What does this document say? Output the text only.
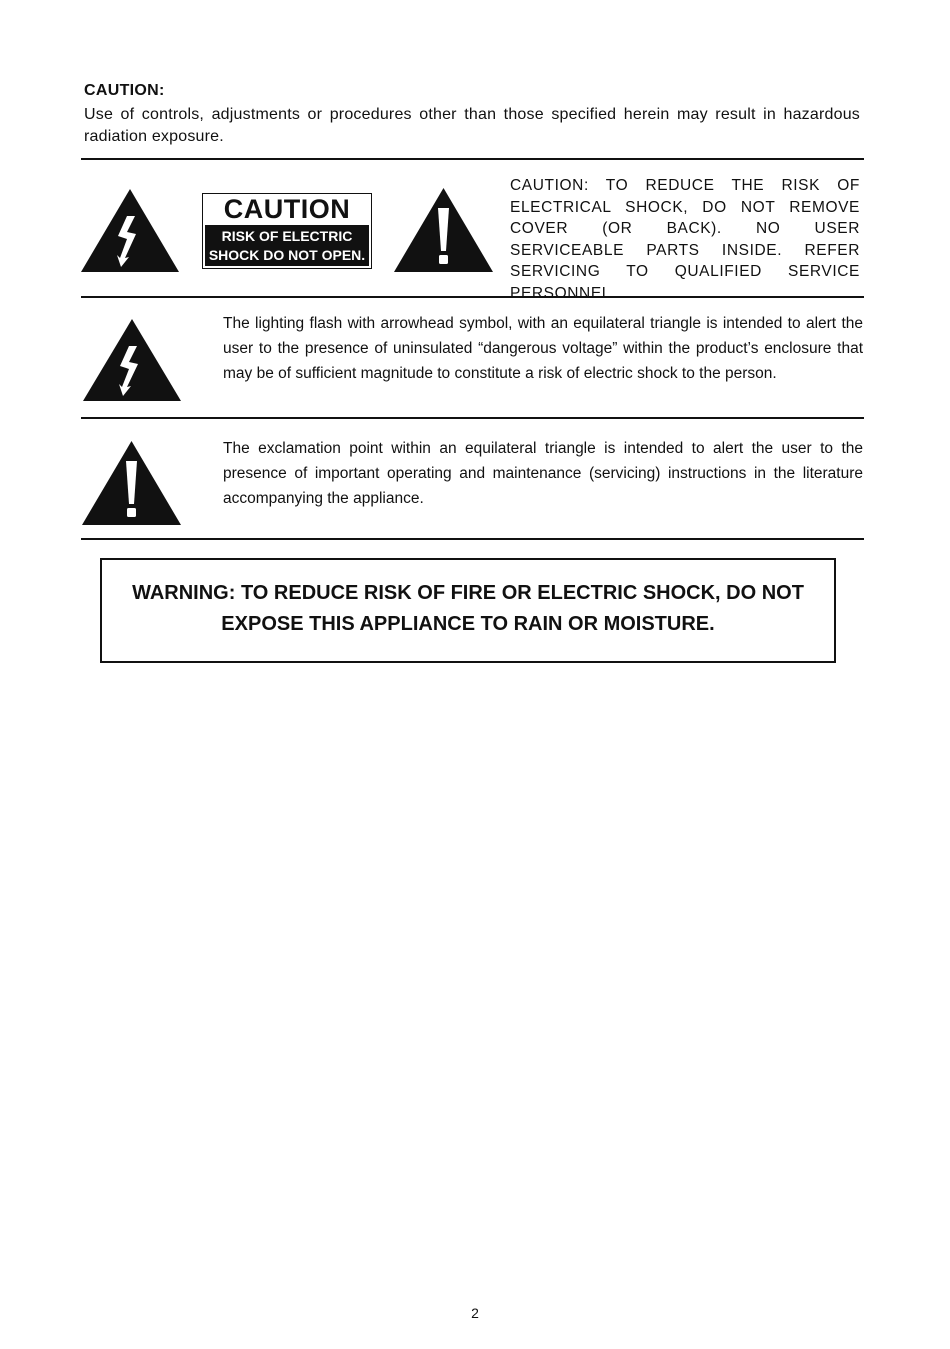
CAUTION:
Use of controls, adjustments or procedures other than those specified herein may result in hazardous radiation exposure.
CAUTION
RISK OF ELECTRIC
SHOCK DO NOT OPEN.
CAUTION: TO REDUCE THE RISK OF ELECTRICAL SHOCK, DO NOT REMOVE COVER (OR BACK). NO USER SERVICEABLE PARTS INSIDE. REFER SERVICING TO QUALIFIED SERVICE PERSONNEL.
The lighting flash with arrowhead symbol, with an equilateral triangle is intended to alert the user to the presence of uninsulated “dangerous voltage” within the product’s enclosure that may be of sufficient magnitude to constitute a risk of electric shock to the person.
The exclamation point within an equilateral triangle is intended to alert the user to the presence of important operating and maintenance (servicing) instructions in the literature accompanying the appliance.
WARNING: TO REDUCE RISK OF FIRE OR ELECTRIC SHOCK, DO NOT
EXPOSE THIS APPLIANCE TO RAIN OR MOISTURE.
2
